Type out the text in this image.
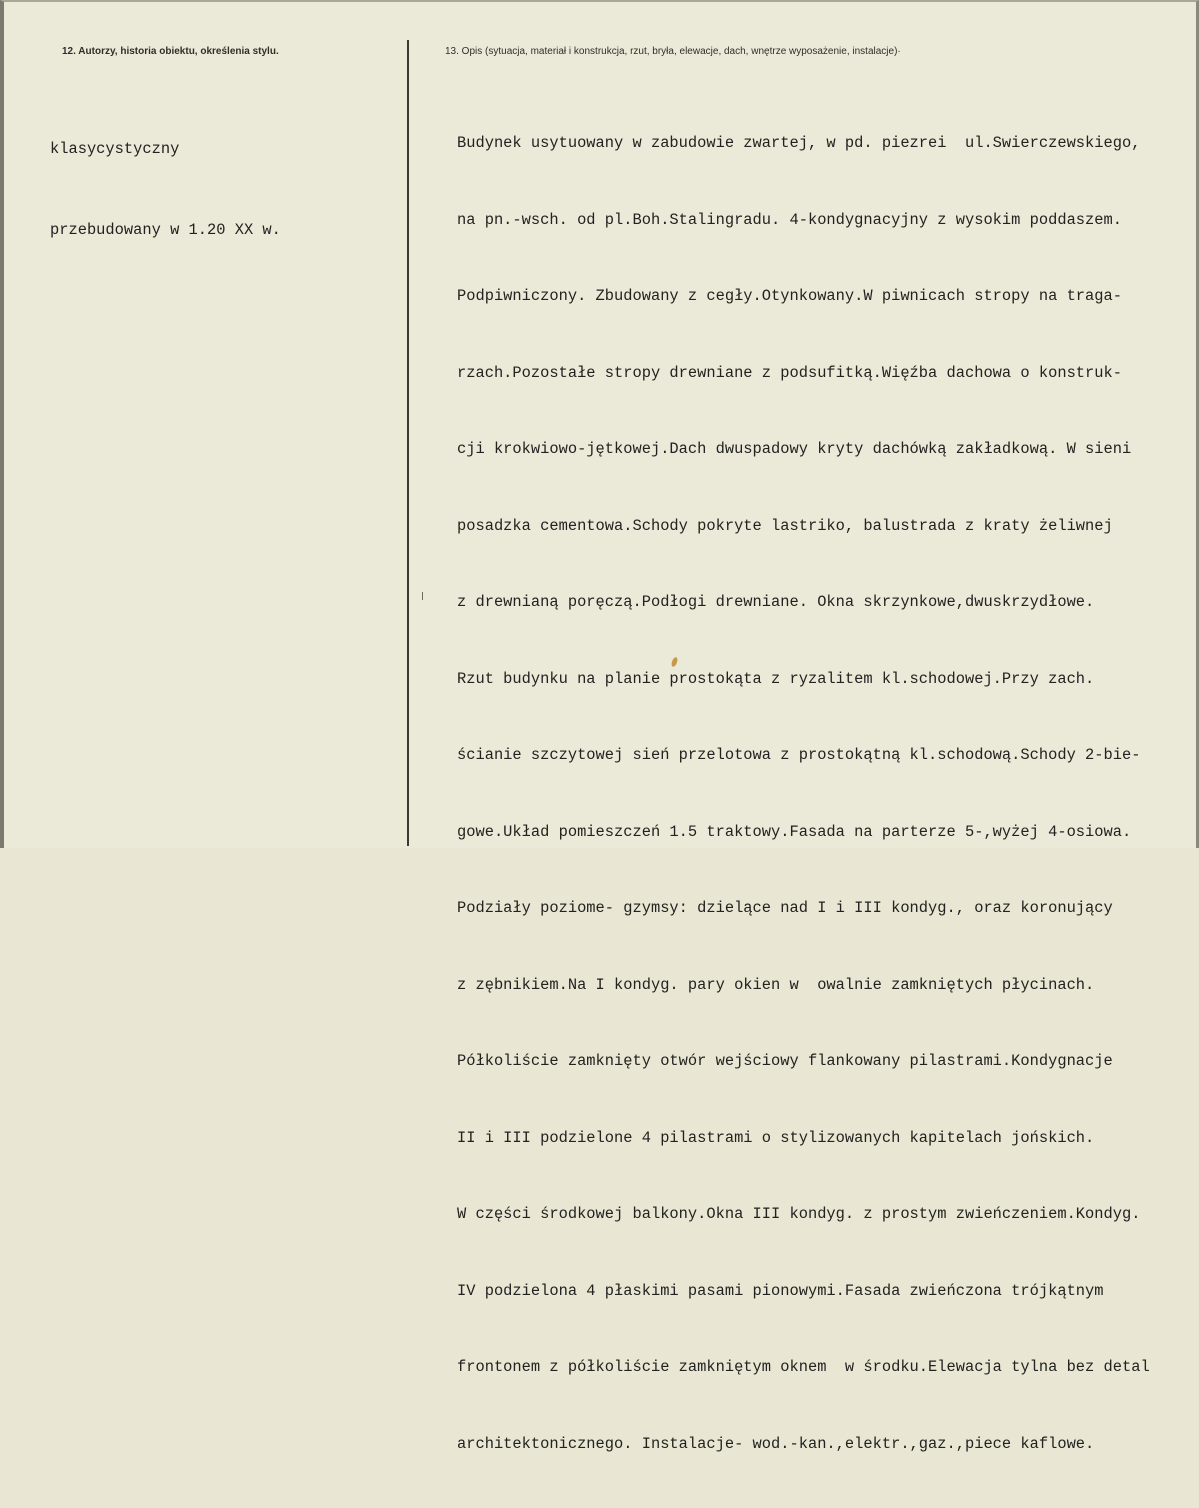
12. Autorzy, historia obiektu, określenia stylu.	13. Opis (sytuacja, materiał i konstrukcja, rzut, bryła, elewacje, dach, wnętrze wyposażenie, instalacje)·

klasycystyczny

przebudowany w 1.20 XX w.

Budynek usytuowany w zabudowie zwartej, w pd. piezrei  ul.Swierczewskiego,

na pn.-wsch. od pl.Boh.Stalingradu. 4-kondygnacyjny z wysokim poddaszem.

Podpiwniczony. Zbudowany z cegły.Otynkowany.W piwnicach stropy na traga-

rzach.Pozostałe stropy drewniane z podsufitką.Więźba dachowa o konstruk-

cji krokwiowo-jętkowej.Dach dwuspadowy kryty dachówką zakładkową. W sieni

posadzka cementowa.Schody pokryte lastriko, balustrada z kraty żeliwnej

z drewnianą poręczą.Podłogi drewniane. Okna skrzynkowe,dwuskrzydłowe.

Rzut budynku na planie prostokąta z ryzalitem kl.schodowej.Przy zach.

ścianie szczytowej sień przelotowa z prostokątną kl.schodową.Schody 2-bie-

gowe.Układ pomieszczeń 1.5 traktowy.Fasada na parterze 5-,wyżej 4-osiowa.

Podziały poziome- gzymsy: dzielące nad I i III kondyg., oraz koronujący

z zębnikiem.Na I kondyg. pary okien w  owalnie zamkniętych płycinach.

Półkoliście zamknięty otwór wejściowy flankowany pilastrami.Kondygnacje

II i III podzielone 4 pilastrami o stylizowanych kapitelach jońskich.

W części środkowej balkony.Okna III kondyg. z prostym zwieńczeniem.Kondyg.

IV podzielona 4 płaskimi pasami pionowymi.Fasada zwieńczona trójkątnym

frontonem z półkoliście zamkniętym oknem  w środku.Elewacja tylna bez detal

architektonicznego. Instalacje- wod.-kan.,elektr.,gaz.,piece kaflowe.
